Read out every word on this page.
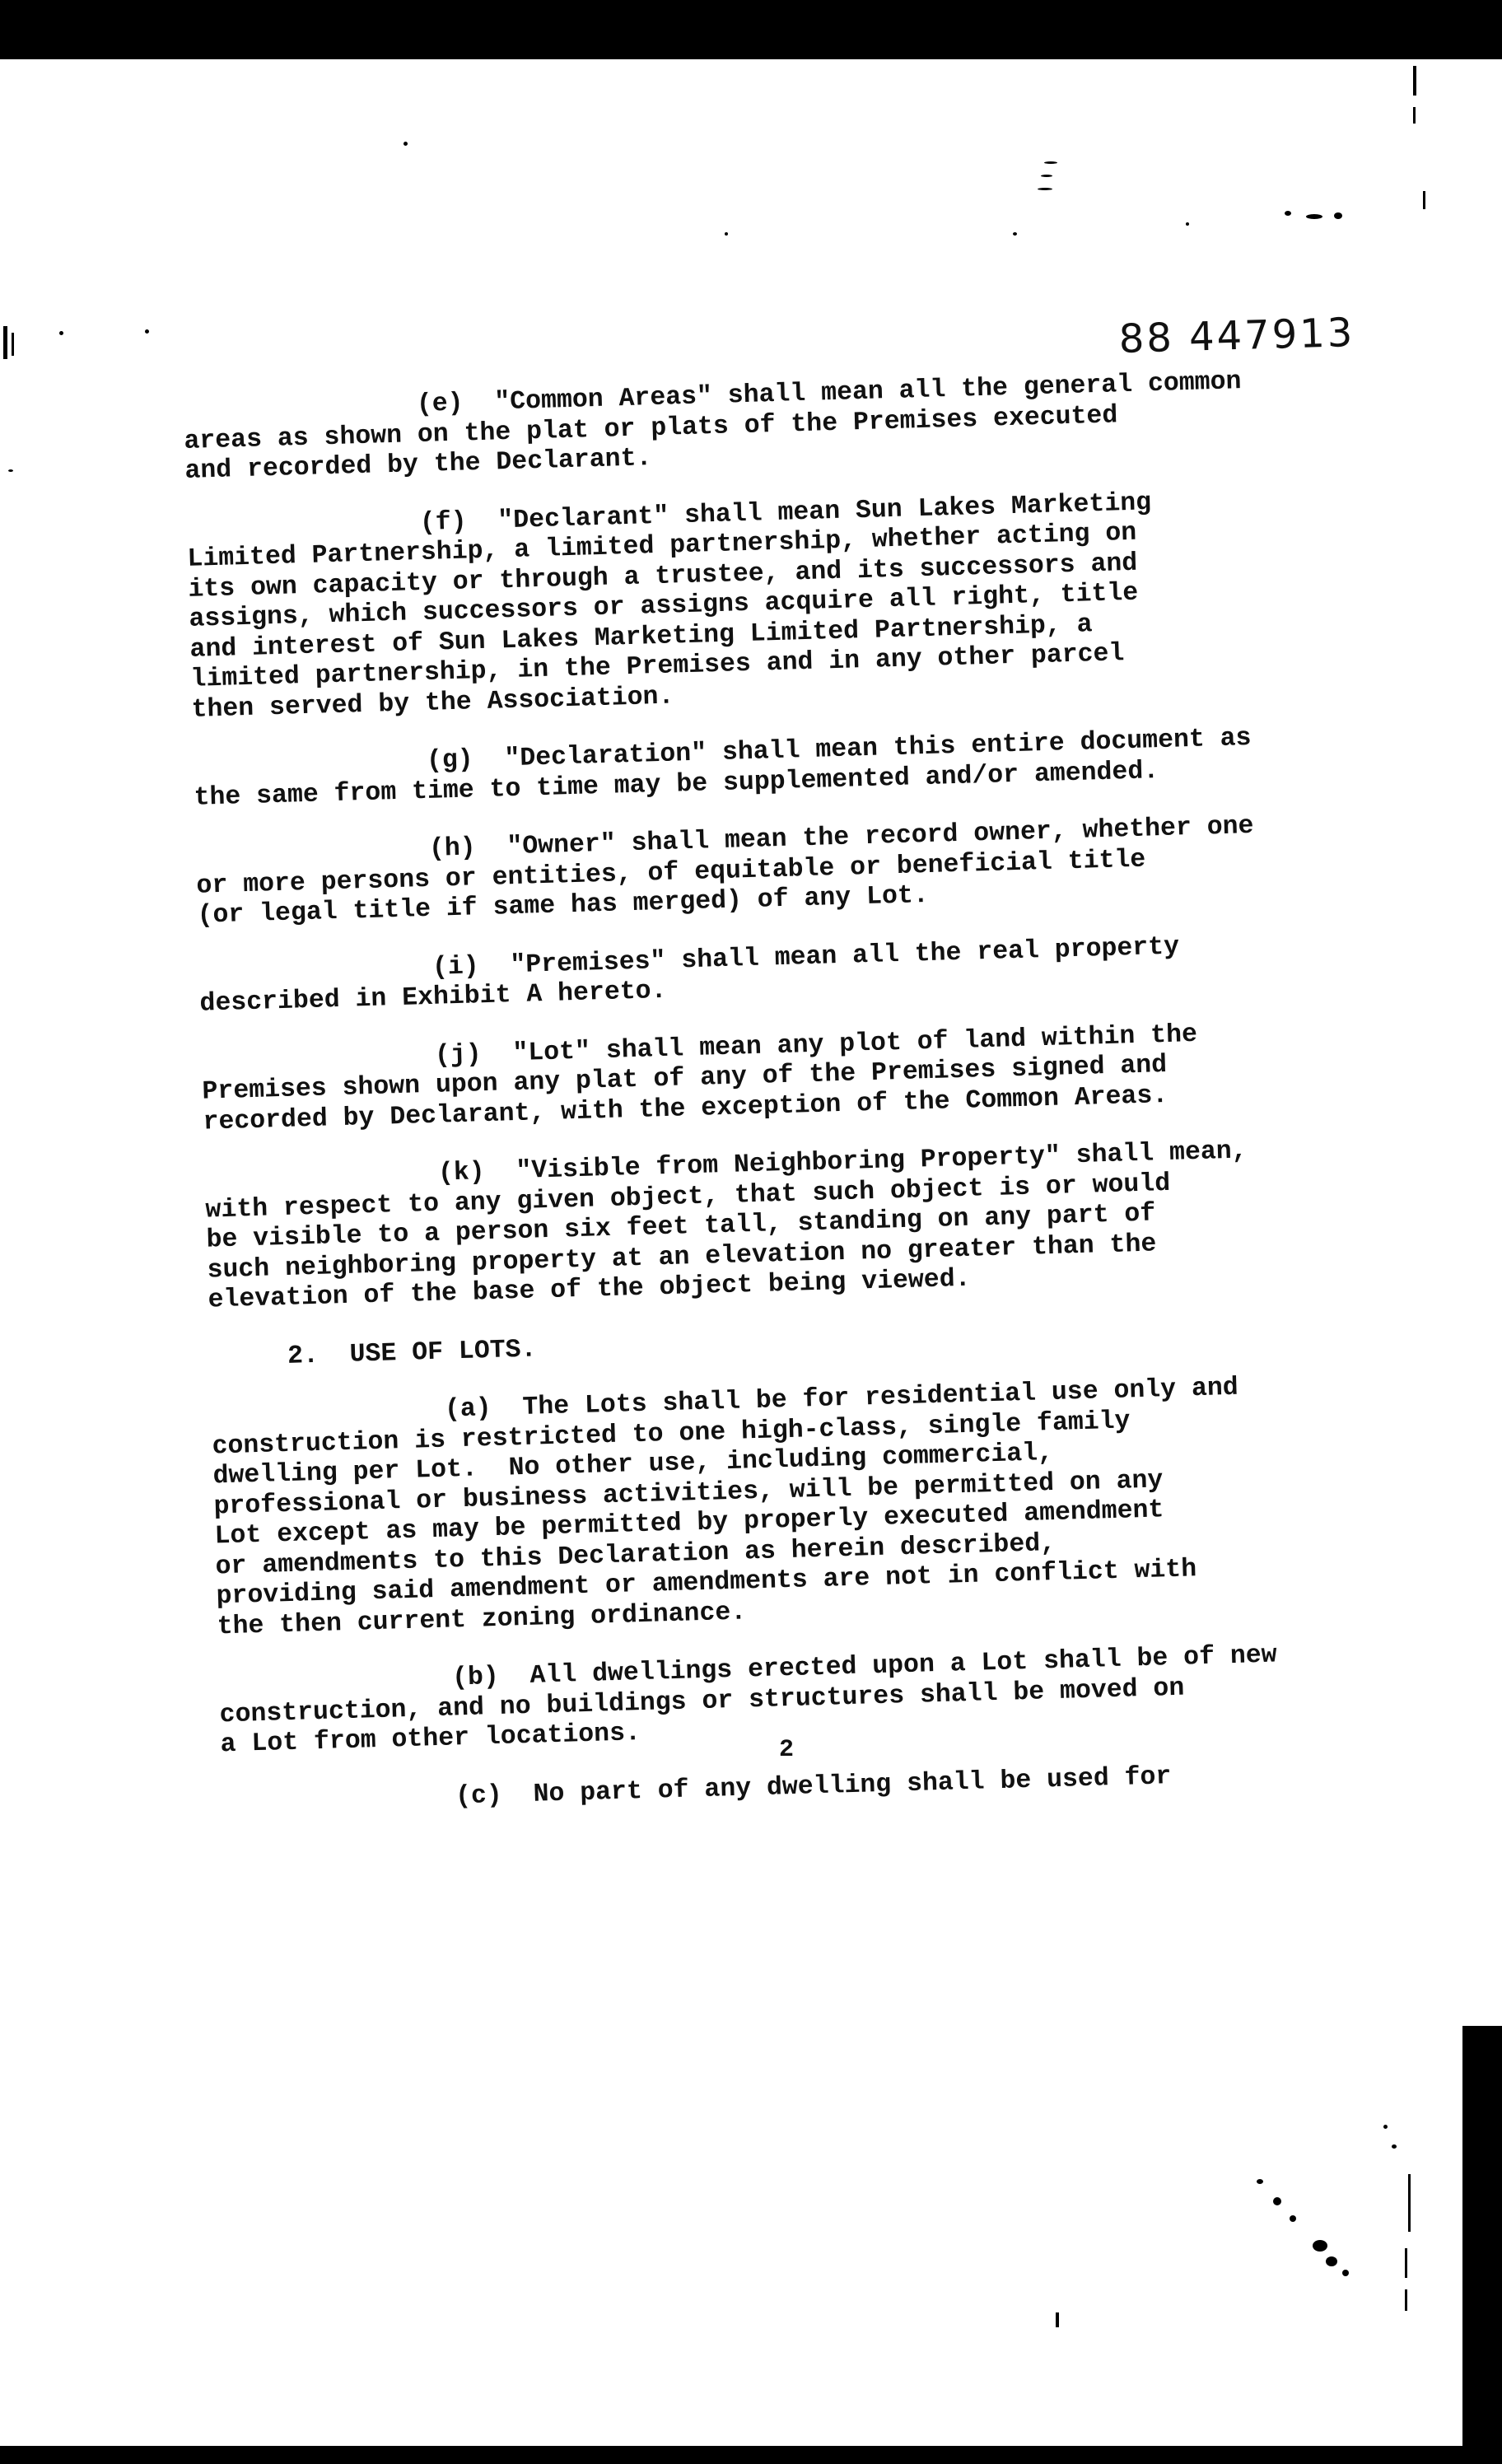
88 447913

(e)  "Common Areas" shall mean all the general common
areas as shown on the plat or plats of the Premises executed
and recorded by the Declarant.

(f)  "Declarant" shall mean Sun Lakes Marketing
Limited Partnership, a limited partnership, whether acting on
its own capacity or through a trustee, and its successors and
assigns, which successors or assigns acquire all right, title
and interest of Sun Lakes Marketing Limited Partnership, a
limited partnership, in the Premises and in any other parcel
then served by the Association.

(g)  "Declaration" shall mean this entire document as
the same from time to time may be supplemented and/or amended.

(h)  "Owner" shall mean the record owner, whether one
or more persons or entities, of equitable or beneficial title
(or legal title if same has merged) of any Lot.

(i)  "Premises" shall mean all the real property
described in Exhibit A hereto.

(j)  "Lot" shall mean any plot of land within the
Premises shown upon any plat of any of the Premises signed and
recorded by Declarant, with the exception of the Common Areas.

(k)  "Visible from Neighboring Property" shall mean,
with respect to any given object, that such object is or would
be visible to a person six feet tall, standing on any part of
such neighboring property at an elevation no greater than the
elevation of the base of the object being viewed.

2.  USE OF LOTS.

(a)  The Lots shall be for residential use only and
construction is restricted to one high-class, single family
dwelling per Lot.  No other use, including commercial,
professional or business activities, will be permitted on any
Lot except as may be permitted by properly executed amendment
or amendments to this Declaration as herein described,
providing said amendment or amendments are not in conflict with
the then current zoning ordinance.

(b)  All dwellings erected upon a Lot shall be of new
construction, and no buildings or structures shall be moved on
a Lot from other locations.

(c)  No part of any dwelling shall be used for

2
